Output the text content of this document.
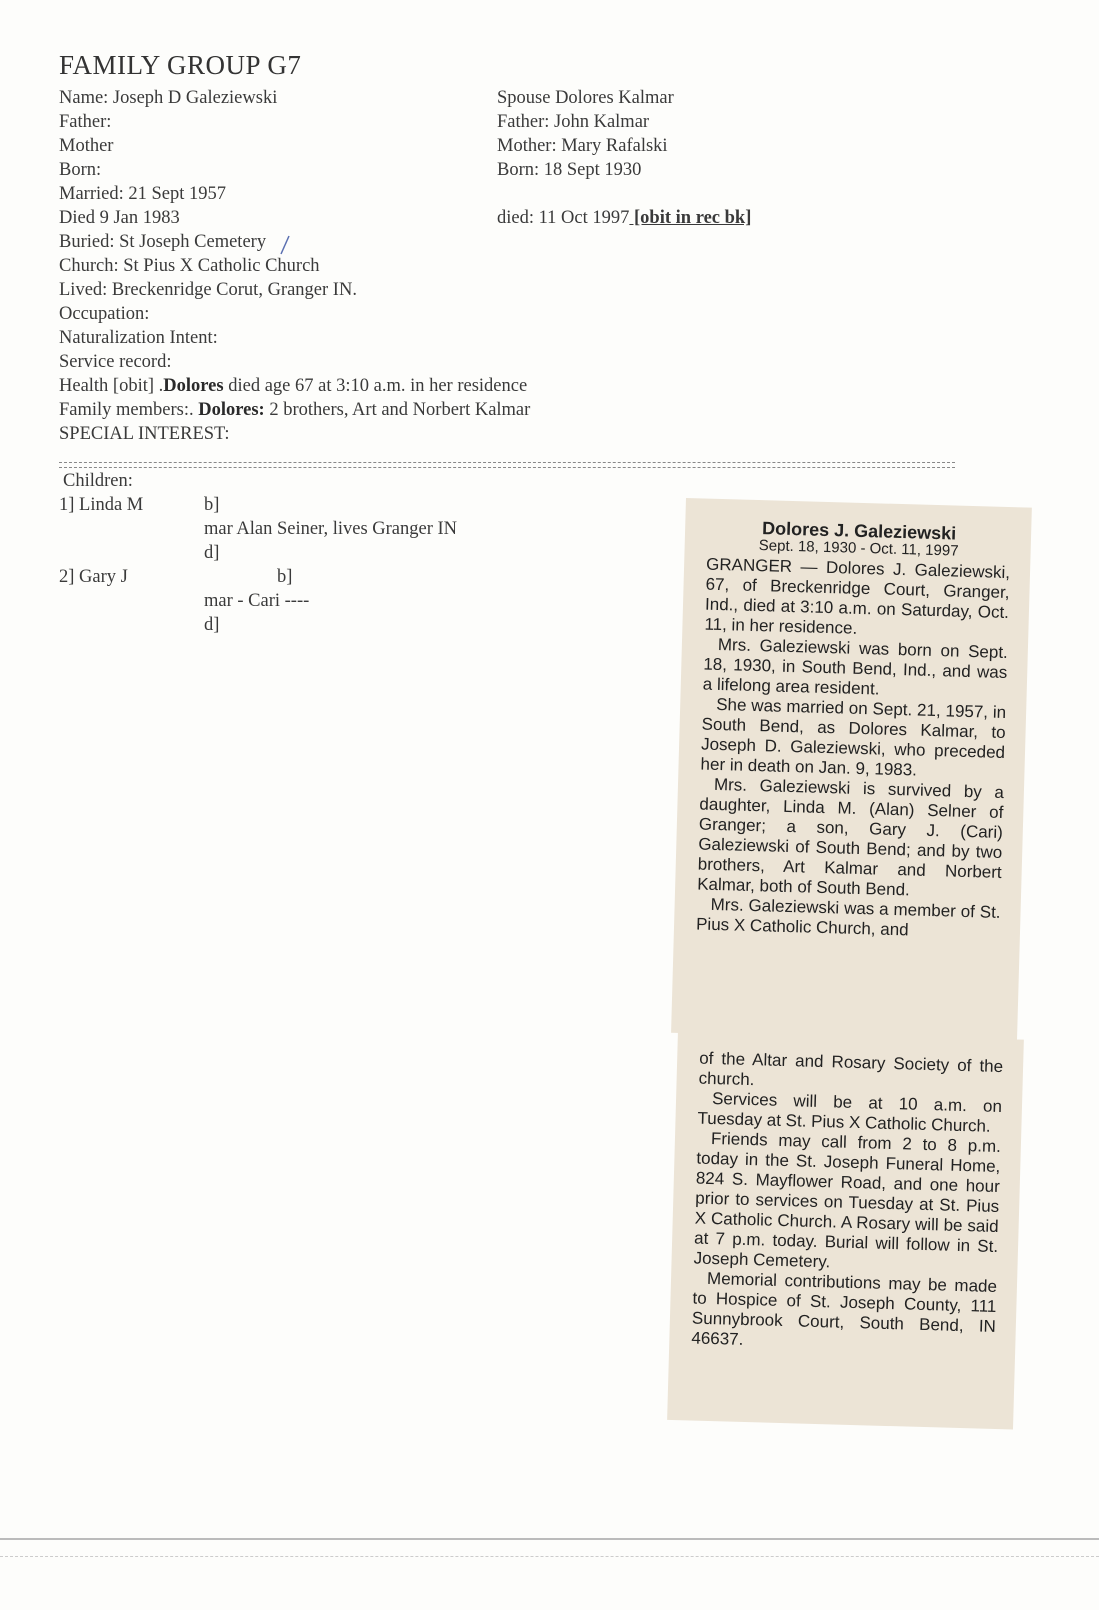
FAMILY GROUP G7
Name: Joseph D Galeziewski
Father:
Mother
Born:
Married: 21 Sept 1957
Died 9 Jan 1983
Buried: St Joseph Cemetery
Church: St Pius X Catholic Church
Lived: Breckenridge Corut, Granger IN.
Occupation:
Naturalization Intent:
Service record:
Health [obit] .Dolores died age 67 at 3:10 a.m. in her residence
Family members:. Dolores: 2 brothers, Art and Norbert Kalmar
SPECIAL INTEREST:
Spouse Dolores Kalmar
Father: John Kalmar
Mother: Mary Rafalski
Born: 18 Sept 1930
died: 11 Oct 1997 [obit in rec bk]
Children:
1] Linda M	b]
mar Alan Seiner, lives Granger IN
d]
2] Gary J	b]
mar - Cari ----
d]
Dolores J. Galeziewski
Sept. 18, 1930 - Oct. 11, 1997

GRANGER — Dolores J. Galeziewski, 67, of Breckenridge Court, Granger, Ind., died at 3:10 a.m. on Saturday, Oct. 11, in her residence.

Mrs. Galeziewski was born on Sept. 18, 1930, in South Bend, Ind., and was a lifelong area resident.

She was married on Sept. 21, 1957, in South Bend, as Dolores Kalmar, to Joseph D. Galeziewski, who preceded her in death on Jan. 9, 1983.

Mrs. Galeziewski is survived by a daughter, Linda M. (Alan) Selner of Granger; a son, Gary J. (Cari) Galeziewski of South Bend; and by two brothers, Art Kalmar and Norbert Kalmar, both of South Bend.

Mrs. Galeziewski was a member of St. Pius X Catholic Church, and

of the Altar and Rosary Society of the church.

Services will be at 10 a.m. on Tuesday at St. Pius X Catholic Church.

Friends may call from 2 to 8 p.m. today in the St. Joseph Funeral Home, 824 S. Mayflower Road, and one hour prior to services on Tuesday at St. Pius X Catholic Church. A Rosary will be said at 7 p.m. today. Burial will follow in St. Joseph Cemetery.

Memorial contributions may be made to Hospice of St. Joseph County, 111 Sunnybrook Court, South Bend, IN 46637.
